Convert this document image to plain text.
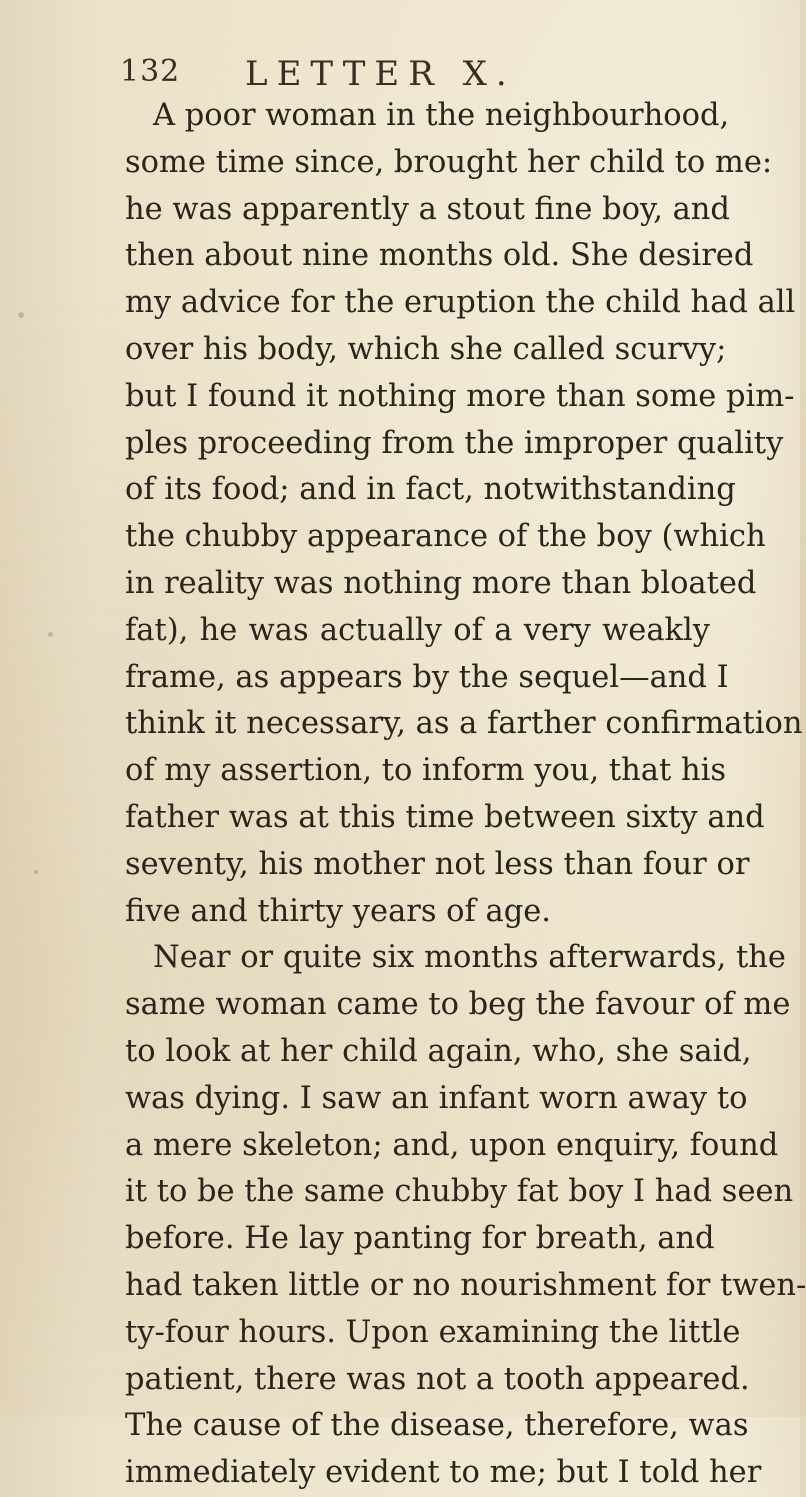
132 LETTER X.
A poor woman in the neighbourhood,
some time since, brought her child to me:
he was apparently a stout fine boy, and
then about nine months old. She desired
my advice for the eruption the child had all
over his body, which she called scurvy;
but I found it nothing more than some pim-
ples proceeding from the improper quality
of its food; and in fact, notwithstanding
the chubby appearance of the boy (which
in reality was nothing more than bloated
fat), he was actually of a very weakly
frame, as appears by the sequel—and I
think it necessary, as a farther confirmation
of my assertion, to inform you, that his
father was at this time between sixty and
seventy, his mother not less than four or
five and thirty years of age.
Near or quite six months afterwards, the
same woman came to beg the favour of me
to look at her child again, who, she said,
was dying. I saw an infant worn away to
a mere skeleton; and, upon enquiry, found
it to be the same chubby fat boy I had seen
before. He lay panting for breath, and
had taken little or no nourishment for twen-
ty-four hours. Upon examining the little
patient, there was not a tooth appeared.
The cause of the disease, therefore, was
immediately evident to me; but I told her
